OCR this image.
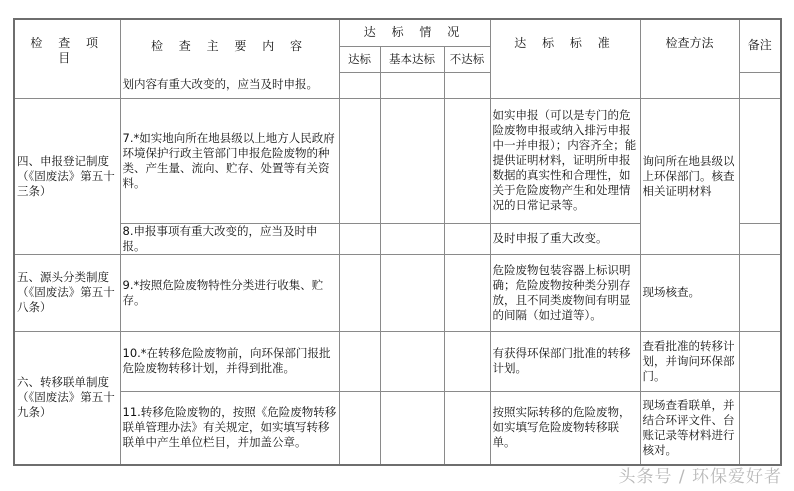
检 查 项 目	检 查 主 要 内 容	达 标 情 况			达 标 标 准	检查方法	备注
		达标	基本达标	不达标			
	划内容有重大改变的，应当及时申报。						
四、申报登记制度（《固废法》第五十三条）	7.*如实地向所在地县级以上地方人民政府环境保护行政主管部门申报危险废物的种类、产生量、流向、贮存、处置等有关资料。				如实申报（可以是专门的危险废物申报或纳入排污申报中一并申报）；内容齐全；能提供证明材料，证明所申报数据的真实性和合理性，如关于危险废物产生和处理情况的日常记录等。	询问所在地县级以上环保部门。核查相关证明材料	
	8.申报事项有重大改变的，应当及时申报。				及时申报了重大改变。		
五、源头分类制度（《固废法》第五十八条）	9.*按照危险废物特性分类进行收集、贮存。				危险废物包装容器上标识明确；危险废物按种类分别存放，且不同类废物间有明显的间隔（如过道等）。	现场核查。	
六、转移联单制度（《固废法》第五十九条）	10.*在转移危险废物前，向环保部门报批危险废物转移计划，并得到批准。				有获得环保部门批准的转移计划。	查看批准的转移计划，并询问环保部门。	
	11.转移危险废物的，按照《危险废物转移联单管理办法》有关规定，如实填写转移联单中产生单位栏目，并加盖公章。				按照实际转移的危险废物，如实填写危险废物转移联单。	现场查看联单，并结合环评文件、台账记录等材料进行核对。	
头条号 / 环保爱好者
